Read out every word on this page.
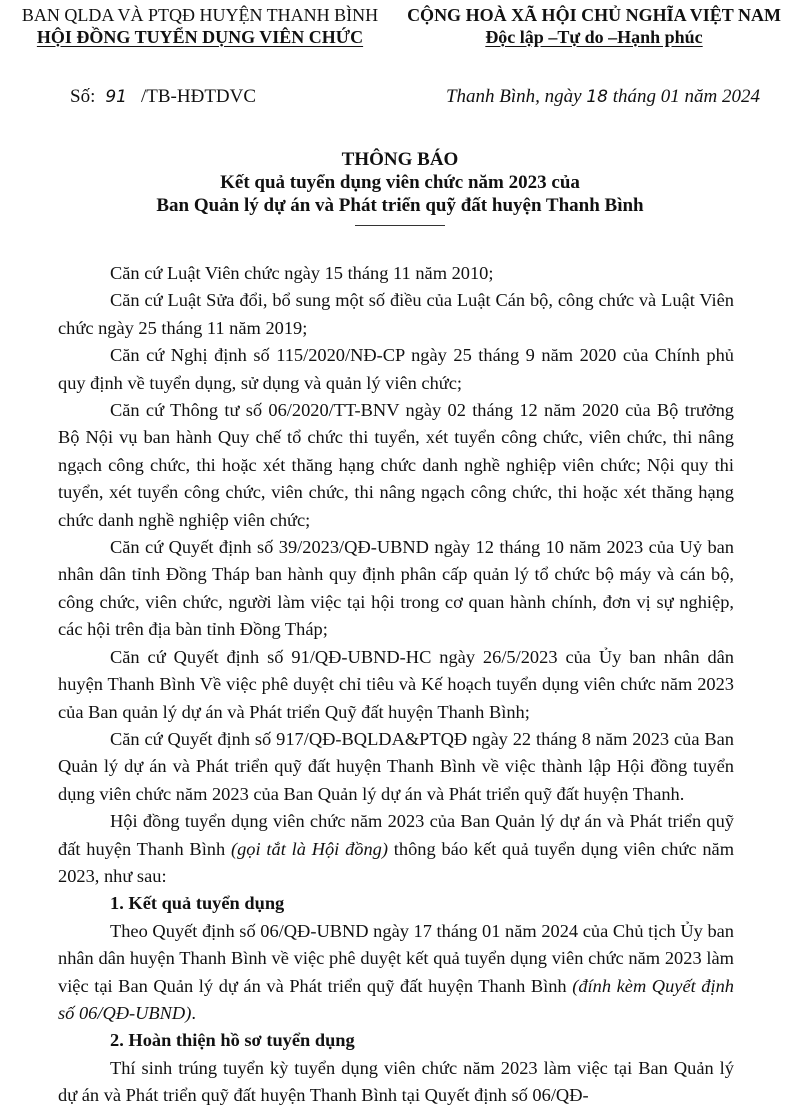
BAN QLDA VÀ PTQĐ HUYỆN THANH BÌNH
HỘI ĐỒNG TUYỂN DỤNG VIÊN CHỨC
CỘNG HOÀ XÃ HỘI CHỦ NGHĨA VIỆT NAM
Độc lập –Tự do –Hạnh phúc
Số: 91 /TB-HĐTDVC	Thanh Bình, ngày 18 tháng 01 năm 2024
THÔNG BÁO
Kết quả tuyển dụng viên chức năm 2023 của
Ban Quản lý dự án và Phát triển quỹ đất huyện Thanh Bình

Căn cứ Luật Viên chức ngày 15 tháng 11 năm 2010;

Căn cứ Luật Sửa đổi, bổ sung một số điều của Luật Cán bộ, công chức và Luật Viên chức ngày 25 tháng 11 năm 2019;

Căn cứ Nghị định số 115/2020/NĐ-CP ngày 25 tháng 9 năm 2020 của Chính phủ quy định về tuyển dụng, sử dụng và quản lý viên chức;

Căn cứ Thông tư số 06/2020/TT-BNV ngày 02 tháng 12 năm 2020 của Bộ trưởng Bộ Nội vụ ban hành Quy chế tổ chức thi tuyển, xét tuyển công chức, viên chức, thi nâng ngạch công chức, thi hoặc xét thăng hạng chức danh nghề nghiệp viên chức; Nội quy thi tuyển, xét tuyển công chức, viên chức, thi nâng ngạch công chức, thi hoặc xét thăng hạng chức danh nghề nghiệp viên chức;

Căn cứ Quyết định số 39/2023/QĐ-UBND ngày 12 tháng 10 năm 2023 của Uỷ ban nhân dân tỉnh Đồng Tháp ban hành quy định phân cấp quản lý tổ chức bộ máy và cán bộ, công chức, viên chức, người làm việc tại hội trong cơ quan hành chính, đơn vị sự nghiệp, các hội trên địa bàn tỉnh Đồng Tháp;

Căn cứ Quyết định số 91/QĐ-UBND-HC ngày 26/5/2023 của Ủy ban nhân dân huyện Thanh Bình Về việc phê duyệt chỉ tiêu và Kế hoạch tuyển dụng viên chức năm 2023 của Ban quản lý dự án và Phát triển Quỹ đất huyện Thanh Bình;

Căn cứ Quyết định số 917/QĐ-BQLDA&PTQĐ ngày 22 tháng 8 năm 2023 của Ban Quản lý dự án và Phát triển quỹ đất huyện Thanh Bình về việc thành lập Hội đồng tuyển dụng viên chức năm 2023 của Ban Quản lý dự án và Phát triển quỹ đất huyện Thanh.

Hội đồng tuyển dụng viên chức năm 2023 của Ban Quản lý dự án và Phát triển quỹ đất huyện Thanh Bình (gọi tắt là Hội đồng) thông báo kết quả tuyển dụng viên chức năm 2023, như sau:

1. Kết quả tuyển dụng

Theo Quyết định số 06/QĐ-UBND ngày 17 tháng 01 năm 2024 của Chủ tịch Ủy ban nhân dân huyện Thanh Bình về việc phê duyệt kết quả tuyển dụng viên chức năm 2023 làm việc tại Ban Quản lý dự án và Phát triển quỹ đất huyện Thanh Bình (đính kèm Quyết định số 06/QĐ-UBND).

2. Hoàn thiện hồ sơ tuyển dụng

Thí sinh trúng tuyển kỳ tuyển dụng viên chức năm 2023 làm việc tại Ban Quản lý dự án và Phát triển quỹ đất huyện Thanh Bình tại Quyết định số 06/QĐ-
